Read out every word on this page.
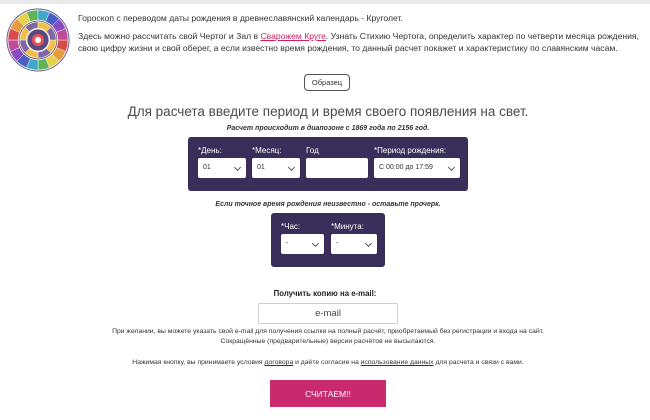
Гороскоп с переводом даты рождения в древнеславянский календарь - Круголет.

Здесь можно рассчитать свой Чертог и Зал в Сварожем Круге. Узнать Стихию Чертога, определить характер по четверти месяца рождения, свою цифру жизни и свой оберег, а если известно время рождения, то данный расчет покажет и характеристику по славянским часам.

Образец
Для расчета введите период и время своего появления на свет.
Расчет происходит в диапозоне с 1869 года по 2156 год.
*День:
01
*Месяц:
01
Год	*Период рождения:
С 00:00 до 17:59
Если точное время рождения неизвестно - оставьте прочерк.
*Час:
-
*Минута:
-
Получить копию на e-mail:
e-mail
При желании, вы можете указать свой e-mail для получения ссылки на полный расчёт, приобретаемый без регистрации и входа на сайт.
Сокращённые (предварительные) версии расчётов не высылаются.
Нажимая кнопку, вы принимаете условия договора и даёте согласие на использование данных для расчета и связи с вами.
СЧИТАЕМ!!
